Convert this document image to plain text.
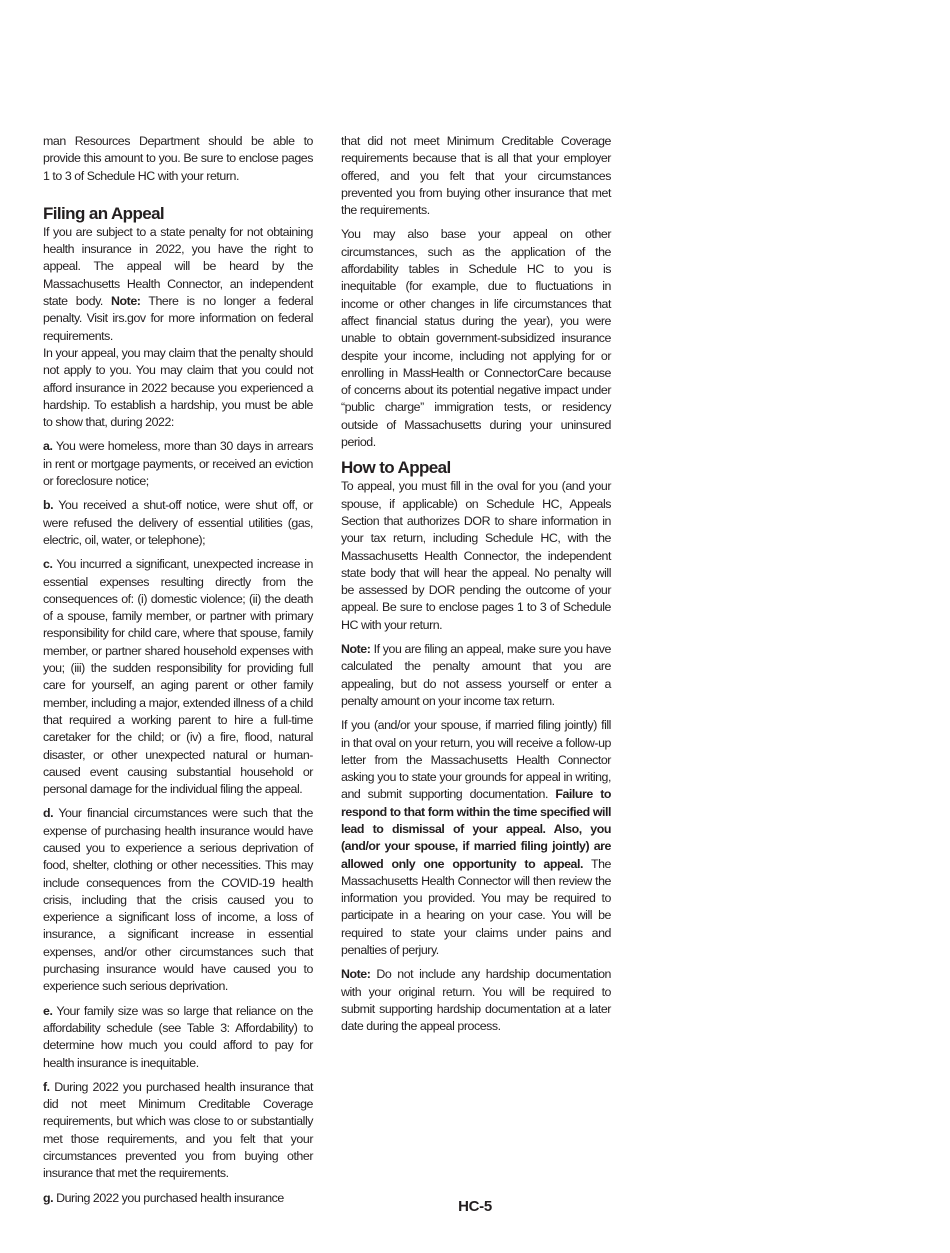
man Resources Department should be able to provide this amount to you. Be sure to enclose pages 1 to 3 of Schedule HC with your return.

Filing an Appeal

If you are subject to a state penalty for not obtaining health insurance in 2022, you have the right to appeal. The appeal will be heard by the Massachusetts Health Connector, an independent state body. Note: There is no longer a federal penalty. Visit irs.gov for more information on federal requirements.

In your appeal, you may claim that the penalty should not apply to you. You may claim that you could not afford insurance in 2022 because you experienced a hardship. To establish a hardship, you must be able to show that, during 2022:

a. You were homeless, more than 30 days in arrears in rent or mortgage payments, or received an eviction or foreclosure notice;

b. You received a shut-off notice, were shut off, or were refused the delivery of essential utilities (gas, electric, oil, water, or telephone);

c. You incurred a significant, unexpected increase in essential expenses resulting directly from the consequences of: (i) domestic violence; (ii) the death of a spouse, family member, or partner with primary responsibility for child care, where that spouse, family member, or partner shared household expenses with you; (iii) the sudden responsibility for providing full care for yourself, an aging parent or other family member, including a major, extended illness of a child that required a working parent to hire a full-time caretaker for the child; or (iv) a fire, flood, natural disaster, or other unexpected natural or human-caused event causing substantial household or personal damage for the individual filing the appeal.

d. Your financial circumstances were such that the expense of purchasing health insurance would have caused you to experience a serious deprivation of food, shelter, clothing or other necessities. This may include consequences from the COVID-19 health crisis, including that the crisis caused you to experience a significant loss of income, a loss of insurance, a significant increase in essential expenses, and/or other circumstances such that purchasing insurance would have caused you to experience such serious deprivation.

e. Your family size was so large that reliance on the affordability schedule (see Table 3: Affordability) to determine how much you could afford to pay for health insurance is inequitable.

f. During 2022 you purchased health insurance that did not meet Minimum Creditable Coverage requirements, but which was close to or substantially met those requirements, and you felt that your circumstances prevented you from buying other insurance that met the requirements.

g. During 2022 you purchased health insurance

that did not meet Minimum Creditable Coverage requirements because that is all that your employer offered, and you felt that your circumstances prevented you from buying other insurance that met the requirements.

You may also base your appeal on other circumstances, such as the application of the affordability tables in Schedule HC to you is inequitable (for example, due to fluctuations in income or other changes in life circumstances that affect financial status during the year), you were unable to obtain government-subsidized insurance despite your income, including not applying for or enrolling in MassHealth or ConnectorCare because of concerns about its potential negative impact under “public charge” immigration tests, or residency outside of Massachusetts during your uninsured period.

How to Appeal

To appeal, you must fill in the oval for you (and your spouse, if applicable) on Schedule HC, Appeals Section that authorizes DOR to share information in your tax return, including Schedule HC, with the Massachusetts Health Connector, the independent state body that will hear the appeal. No penalty will be assessed by DOR pending the outcome of your appeal. Be sure to enclose pages 1 to 3 of Schedule HC with your return.

Note: If you are filing an appeal, make sure you have calculated the penalty amount that you are appealing, but do not assess yourself or enter a penalty amount on your income tax return.

If you (and/or your spouse, if married filing jointly) fill in that oval on your return, you will receive a follow-up letter from the Massachusetts Health Connector asking you to state your grounds for appeal in writing, and submit supporting documentation. Failure to respond to that form within the time specified will lead to dismissal of your appeal. Also, you (and/or your spouse, if married filing jointly) are allowed only one opportunity to appeal. The Massachusetts Health Connector will then review the information you provided. You may be required to participate in a hearing on your case. You will be required to state your claims under pains and penalties of perjury.

Note: Do not include any hardship documentation with your original return. You will be required to submit supporting hardship documentation at a later date during the appeal process.

HC-5
